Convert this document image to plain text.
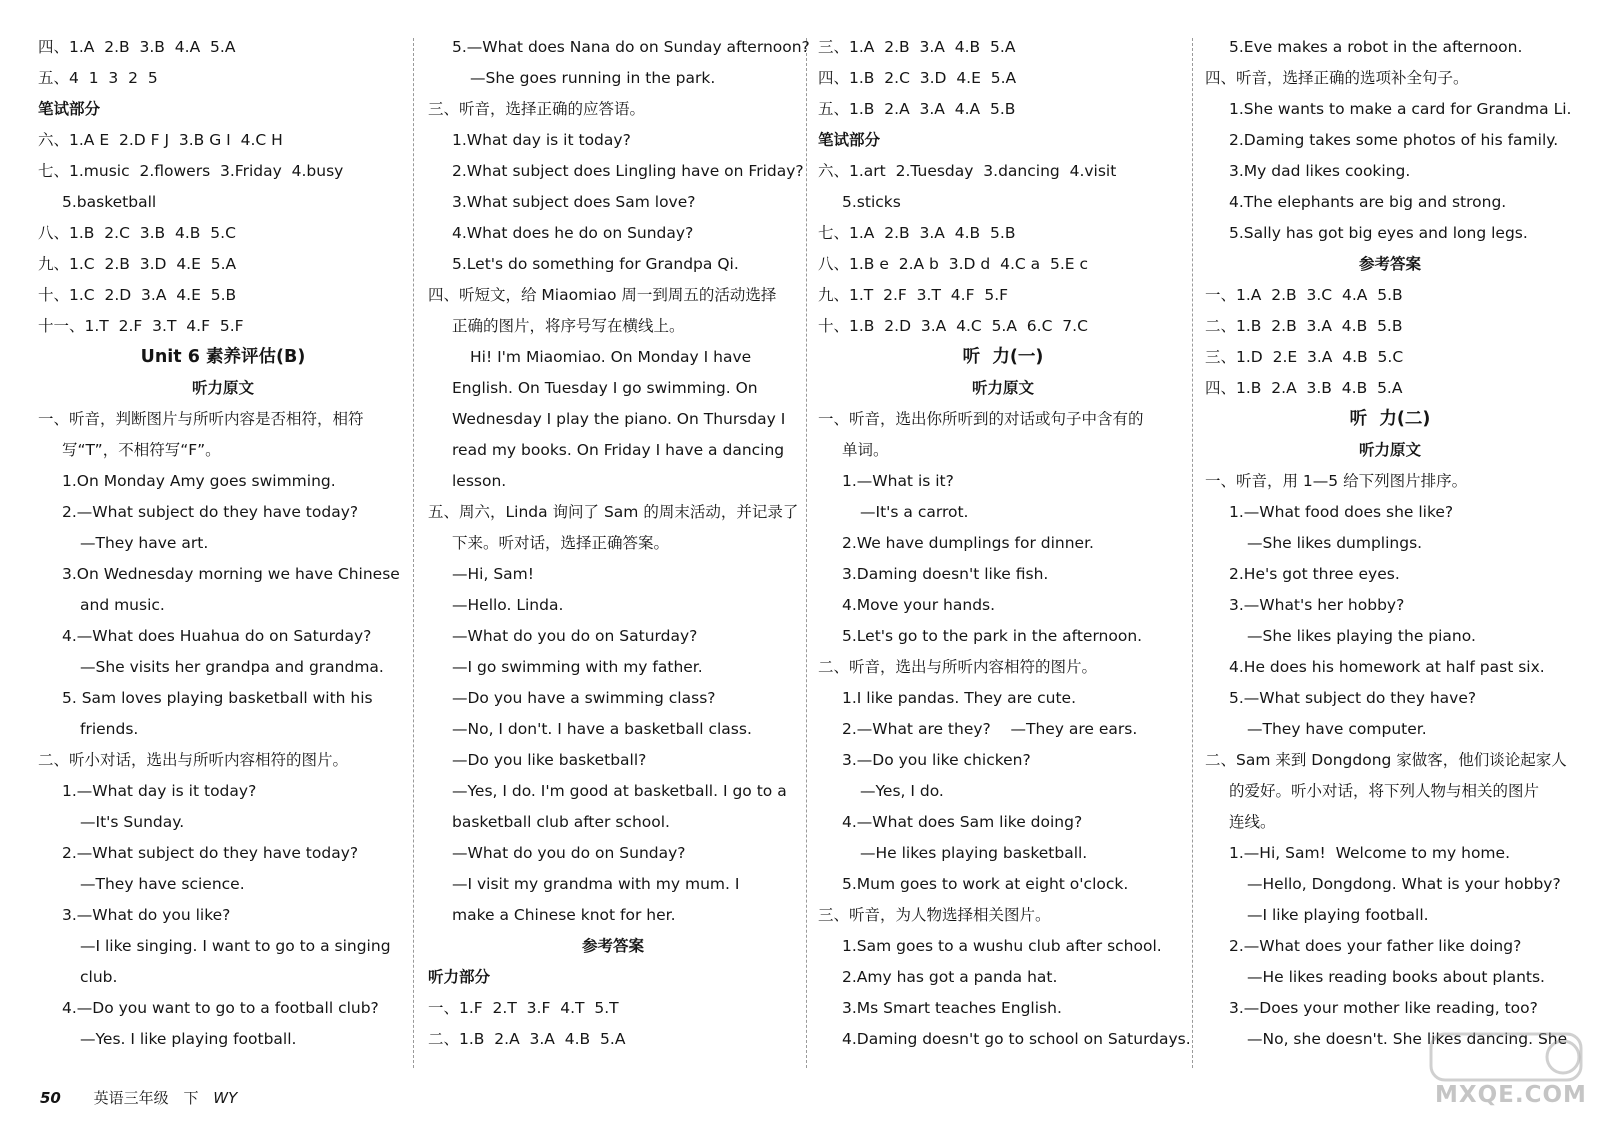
四、1.A  2.B  3.B  4.A  5.A
五、4  1  3  2  5
笔试部分
六、1.A E  2.D F J  3.B G I  4.C H
七、1.music  2.flowers  3.Friday  4.busy
5.basketball
八、1.B  2.C  3.B  4.B  5.C
九、1.C  2.B  3.D  4.E  5.A
十、1.C  2.D  3.A  4.E  5.B
十一、1.T  2.F  3.T  4.F  5.F
Unit 6 素养评估(B)
听力原文
一、听音，判断图片与所听内容是否相符，相符
写“T”，不相符写“F”。
1.On Monday Amy goes swimming.
2.—What subject do they have today?
—They have art.
3.On Wednesday morning we have Chinese
and music.
4.—What does Huahua do on Saturday?
—She visits her grandpa and grandma.
5. Sam loves playing basketball with his
friends.
二、听小对话，选出与所听内容相符的图片。
1.—What day is it today?
—It's Sunday.
2.—What subject do they have today?
—They have science.
3.—What do you like?
—I like singing. I want to go to a singing
club.
4.—Do you want to go to a football club?
—Yes. I like playing football.
5.—What does Nana do on Sunday afternoon?
—She goes running in the park.
三、听音，选择正确的应答语。
1.What day is it today?
2.What subject does Lingling have on Friday?
3.What subject does Sam love?
4.What does he do on Sunday?
5.Let's do something for Grandpa Qi.
四、听短文，给 Miaomiao 周一到周五的活动选择
正确的图片，将序号写在横线上。
Hi! I'm Miaomiao. On Monday I have
English. On Tuesday I go swimming. On
Wednesday I play the piano. On Thursday I
read my books. On Friday I have a dancing
lesson.
五、周六，Linda 询问了 Sam 的周末活动，并记录了
下来。听对话，选择正确答案。
—Hi, Sam!
—Hello. Linda.
—What do you do on Saturday?
—I go swimming with my father.
—Do you have a swimming class?
—No, I don't. I have a basketball class.
—Do you like basketball?
—Yes, I do. I'm good at basketball. I go to a
basketball club after school.
—What do you do on Sunday?
—I visit my grandma with my mum. I
make a Chinese knot for her.
参考答案
听力部分
一、1.F  2.T  3.F  4.T  5.T
二、1.B  2.A  3.A  4.B  5.A
三、1.A  2.B  3.A  4.B  5.A
四、1.B  2.C  3.D  4.E  5.A
五、1.B  2.A  3.A  4.A  5.B
笔试部分
六、1.art  2.Tuesday  3.dancing  4.visit
5.sticks
七、1.A  2.B  3.A  4.B  5.B
八、1.B e  2.A b  3.D d  4.C a  5.E c
九、1.T  2.F  3.T  4.F  5.F
十、1.B  2.D  3.A  4.C  5.A  6.C  7.C
听  力(一)
听力原文
一、听音，选出你所听到的对话或句子中含有的
单词。
1.—What is it?
—It's a carrot.
2.We have dumplings for dinner.
3.Daming doesn't like fish.
4.Move your hands.
5.Let's go to the park in the afternoon.
二、听音，选出与所听内容相符的图片。
1.I like pandas. They are cute.
2.—What are they?    —They are ears.
3.—Do you like chicken?
—Yes, I do.
4.—What does Sam like doing?
—He likes playing basketball.
5.Mum goes to work at eight o'clock.
三、听音，为人物选择相关图片。
1.Sam goes to a wushu club after school.
2.Amy has got a panda hat.
3.Ms Smart teaches English.
4.Daming doesn't go to school on Saturdays.
5.Eve makes a robot in the afternoon.
四、听音，选择正确的选项补全句子。
1.She wants to make a card for Grandma Li.
2.Daming takes some photos of his family.
3.My dad likes cooking.
4.The elephants are big and strong.
5.Sally has got big eyes and long legs.
参考答案
一、1.A  2.B  3.C  4.A  5.B
二、1.B  2.B  3.A  4.B  5.B
三、1.D  2.E  3.A  4.B  5.C
四、1.B  2.A  3.B  4.B  5.A
听  力(二)
听力原文
一、听音，用 1—5 给下列图片排序。
1.—What food does she like?
—She likes dumplings.
2.He's got three eyes.
3.—What's her hobby?
—She likes playing the piano.
4.He does his homework at half past six.
5.—What subject do they have?
—They have computer.
二、Sam 来到 Dongdong 家做客，他们谈论起家人
的爱好。听小对话，将下列人物与相关的图片
连线。
1.—Hi, Sam!  Welcome to my home.
—Hello, Dongdong. What is your hobby?
—I like playing football.
2.—What does your father like doing?
—He likes reading books about plants.
3.—Does your mother like reading, too?
—No, she doesn't. She likes dancing. She
50 英语三年级 下 WY	MXQE.COM
